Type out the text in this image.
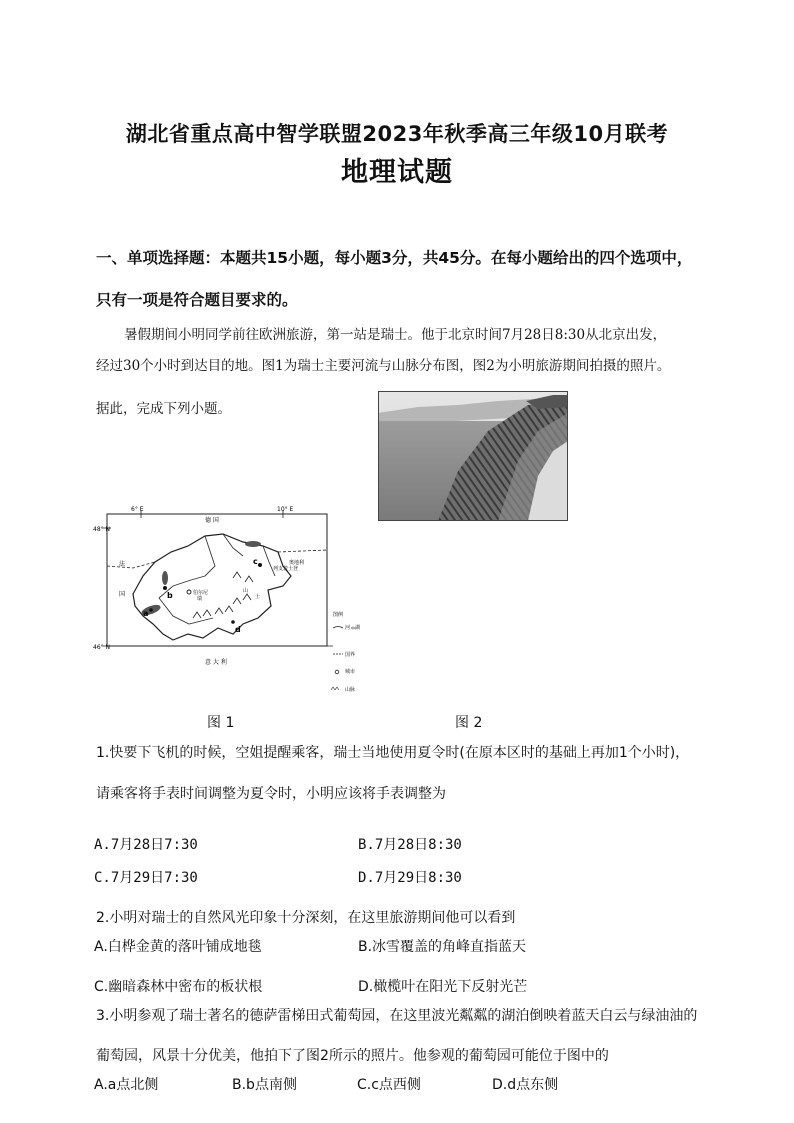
湖北省重点高中智学联盟2023年秋季高三年级10月联考
地理试题
一、单项选择题：本题共15小题，每小题3分，共45分。在每小题给出的四个选项中，
只有一项是符合题目要求的。
暑假期间小明同学前往欧洲旅游，第一站是瑞士。他于北京时间7月28日8:30从北京出发，
经过30个小时到达目的地。图1为瑞士主要河流与山脉分布图，图2为小明旅游期间拍摄的照片。
据此，完成下列小题。
6° E	10° E
48° N
46° N
c
b
a
d
德 国
法
国
意 大 利
奥地利
列支敦士登
伯尔尼
瑞
山
士
图例
河 湖
国界
城市
山脉
图 1	图 2
1.快要下飞机的时候，空姐提醒乘客，瑞士当地使用夏令时(在原本区时的基础上再加1个小时)，
请乘客将手表时间调整为夏令时，小明应该将手表调整为
A.7月28日7:30	B.7月28日8:30
C.7月29日7:30	D.7月29日8:30
2.小明对瑞士的自然风光印象十分深刻，在这里旅游期间他可以看到
A.白桦金黄的落叶铺成地毯	B.冰雪覆盖的角峰直指蓝天
C.幽暗森林中密布的板状根	D.橄榄叶在阳光下反射光芒
3.小明参观了瑞士著名的德萨雷梯田式葡萄园，在这里波光粼粼的湖泊倒映着蓝天白云与绿油油的
葡萄园，风景十分优美，他拍下了图2所示的照片。他参观的葡萄园可能位于图中的
A.a点北侧	B.b点南侧	C.c点西侧	D.d点东侧
